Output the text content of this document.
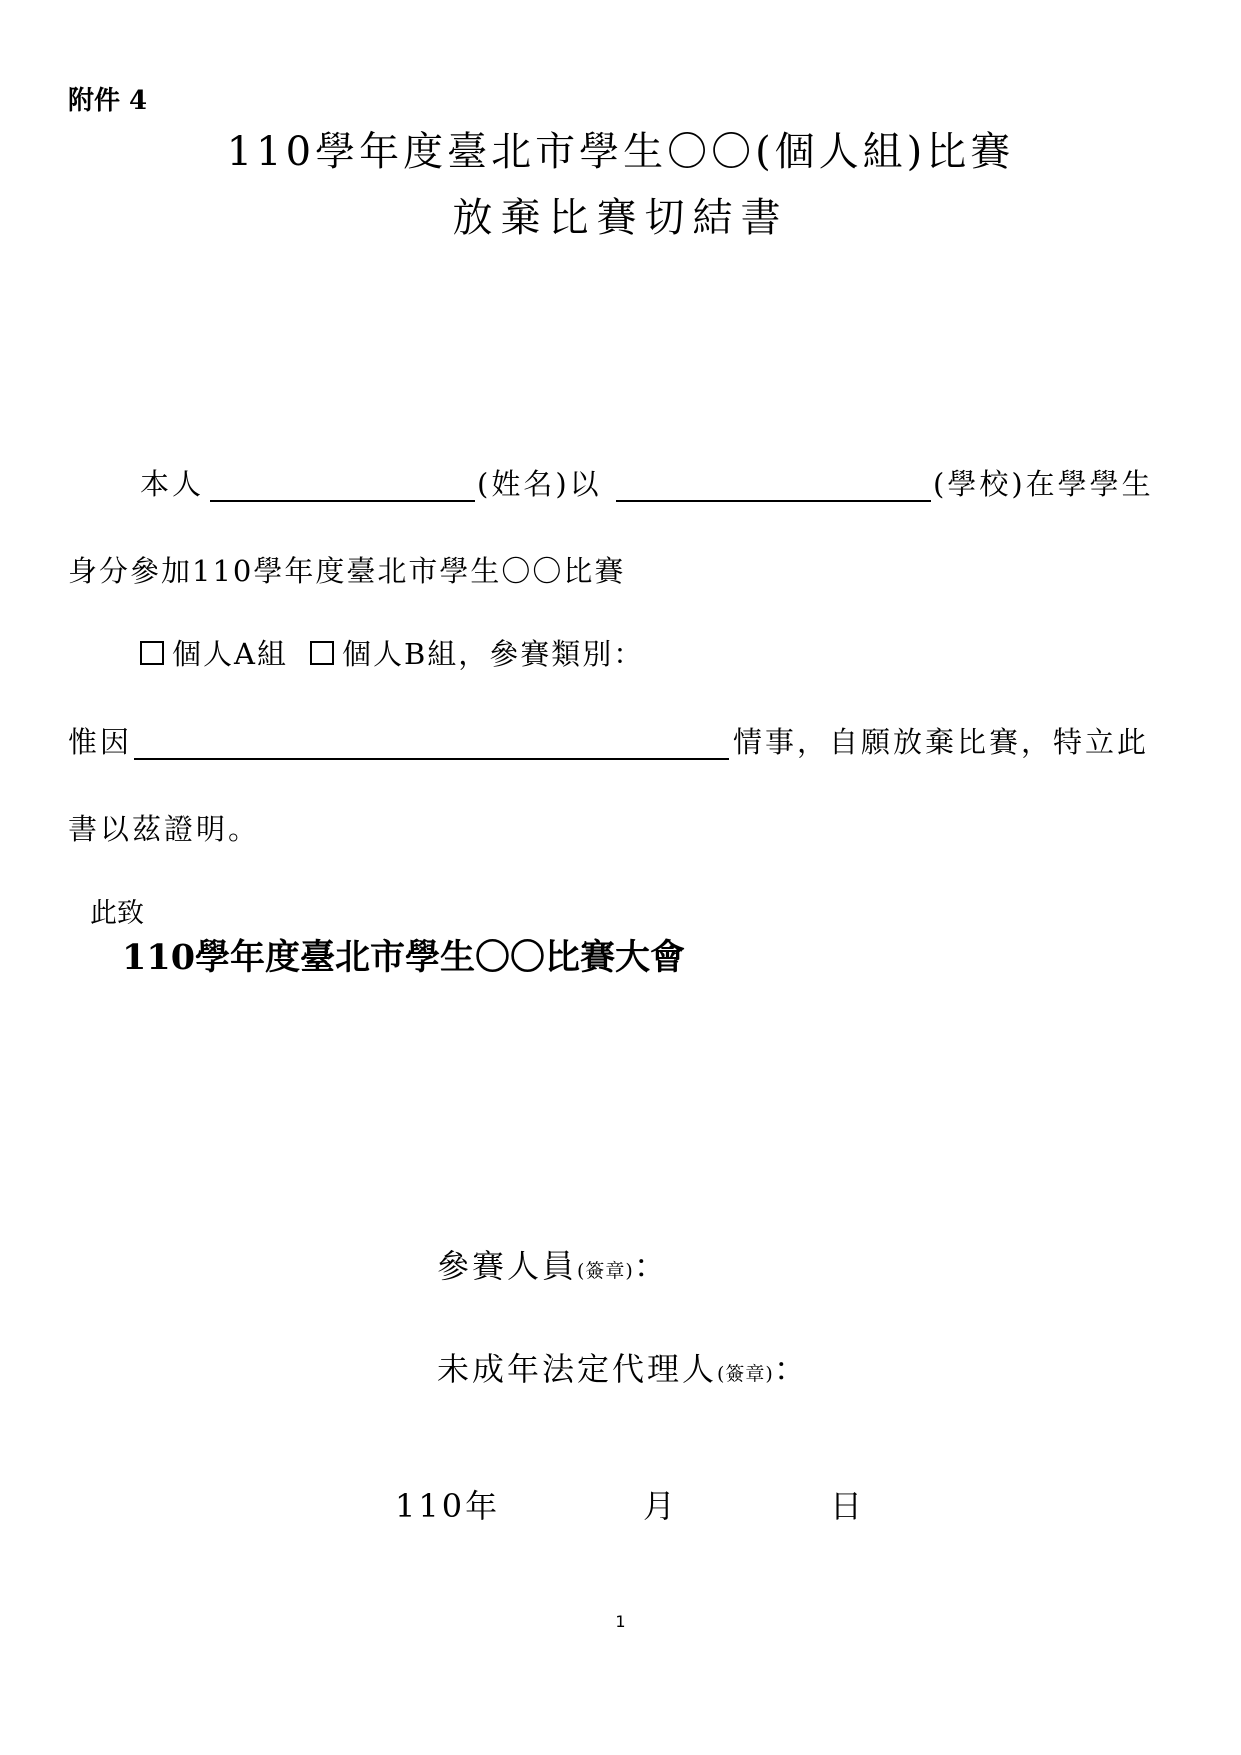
附件 4
110學年度臺北市學生〇〇(個人組)比賽
放棄比賽切結書
本人	(姓名)以	(學校)在學學生
身分參加110學年度臺北市學生〇〇比賽
個人A組 個人B組，參賽類別：
惟因	情事，自願放棄比賽，特立此
書以茲證明。
此致
110學年度臺北市學生〇〇比賽大會
參賽人員(簽章)：
未成年法定代理人(簽章)：
110年	月	日
1
